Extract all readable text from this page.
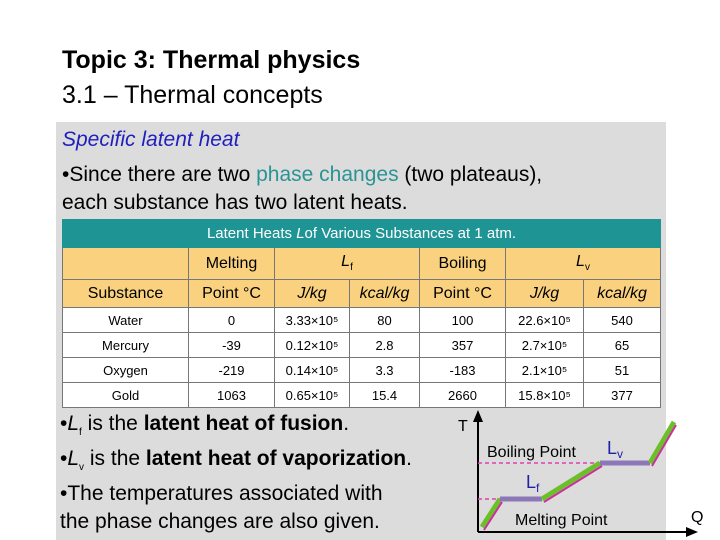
Topic 3: Thermal physics
3.1 – Thermal concepts
Specific latent heat
•Since there are two phase changes (two plateaus),
each substance has two latent heats.
Latent Heats Lof Various Substances at 1 atm.						
	Melting	$L_f$		Boiling	$L_v$
Substance	Point °C	J/kg	kcal/kg	Point °C	J/kg	kcal/kg
Water	0	3.33×10⁵	80	100	22.6×10⁵	540
Mercury	-39	0.12×10⁵	2.8	357	2.7×10⁵	65
Oxygen	-219	0.14×10⁵	3.3	-183	2.1×10⁵	51
Gold	1063	0.65×10⁵	15.4	2660	15.8×10⁵	377
$•L_f$ is the latent heat of fusion.
$•L_v$ is the latent heat of vaporization.
•The temperatures associated with
the phase changes are also given.
T
Q
Boiling Point
Melting Point
$L_v$
$L_f$
